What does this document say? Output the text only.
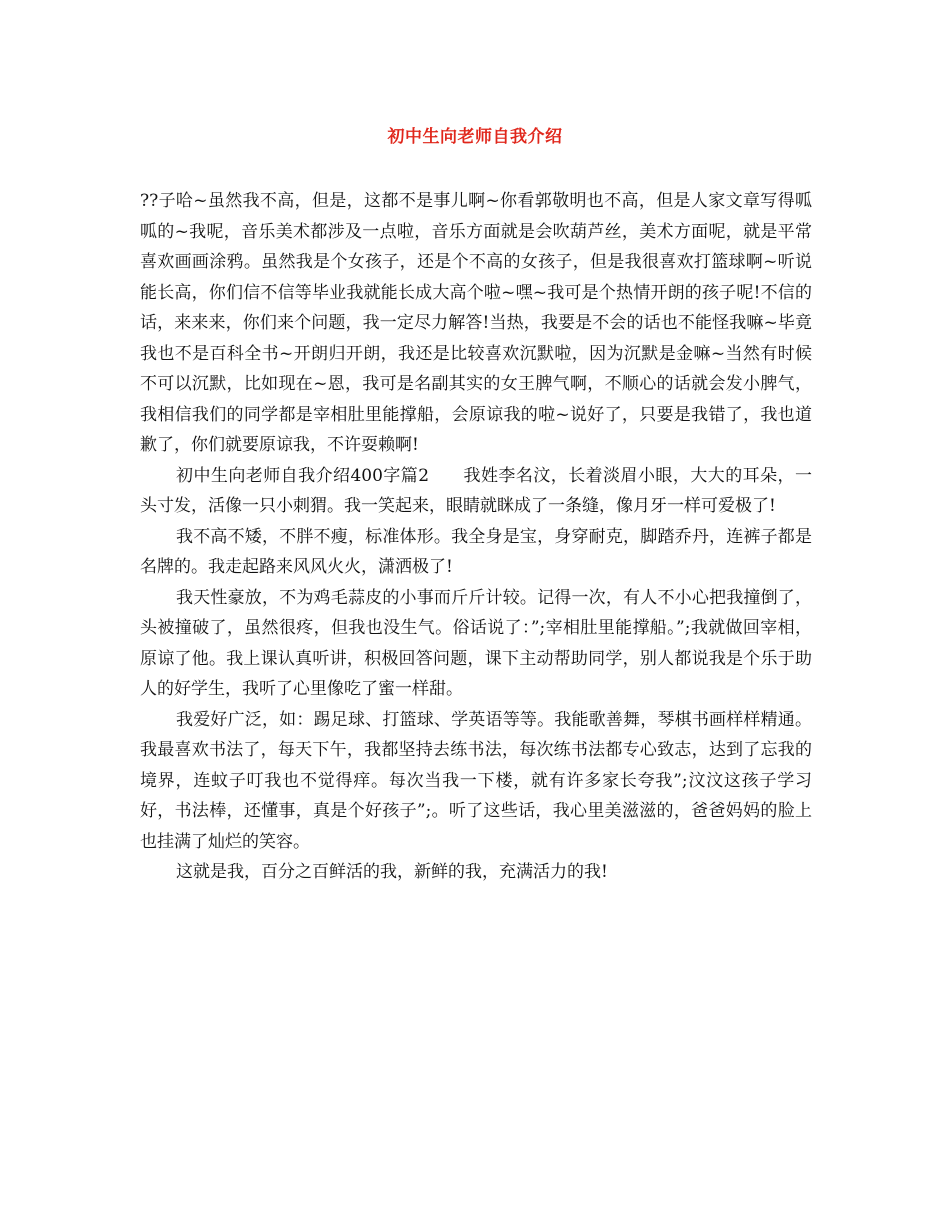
初中生向老师自我介绍

??子哈~虽然我不高，但是，这都不是事儿啊~你看郭敬明也不高，但是人家文章写得呱呱的~我呢，音乐美术都涉及一点啦，音乐方面就是会吹葫芦丝，美术方面呢，就是平常喜欢画画涂鸦。虽然我是个女孩子，还是个不高的女孩子，但是我很喜欢打篮球啊~听说能长高，你们信不信等毕业我就能长成大高个啦~嘿~我可是个热情开朗的孩子呢!不信的话，来来来，你们来个问题，我一定尽力解答!当热，我要是不会的话也不能怪我嘛~毕竟我也不是百科全书~开朗归开朗，我还是比较喜欢沉默啦，因为沉默是金嘛~当然有时候不可以沉默，比如现在~恩，我可是名副其实的女王脾气啊，不顺心的话就会发小脾气，我相信我们的同学都是宰相肚里能撑船，会原谅我的啦~说好了，只要是我错了，我也道歉了，你们就要原谅我，不许耍赖啊!

初中生向老师自我介绍400字篇2 我姓李名汶，长着淡眉小眼，大大的耳朵，一头寸发，活像一只小刺猬。我一笑起来，眼睛就眯成了一条缝，像月牙一样可爱极了!

我不高不矮，不胖不瘦，标准体形。我全身是宝，身穿耐克，脚踏乔丹，连裤子都是名牌的。我走起路来风风火火，潇洒极了!

我天性豪放，不为鸡毛蒜皮的小事而斤斤计较。记得一次，有人不小心把我撞倒了，头被撞破了，虽然很疼，但我也没生气。俗话说了：”;宰相肚里能撑船。”;我就做回宰相，原谅了他。我上课认真听讲，积极回答问题，课下主动帮助同学，别人都说我是个乐于助人的好学生，我听了心里像吃了蜜一样甜。

我爱好广泛，如：踢足球、打篮球、学英语等等。我能歌善舞，琴棋书画样样精通。我最喜欢书法了，每天下午，我都坚持去练书法，每次练书法都专心致志，达到了忘我的境界，连蚊子叮我也不觉得痒。每次当我一下楼，就有许多家长夸我”;汶汶这孩子学习好，书法棒，还懂事，真是个好孩子”;。听了这些话，我心里美滋滋的，爸爸妈妈的脸上也挂满了灿烂的笑容。

这就是我，百分之百鲜活的我，新鲜的我，充满活力的我!
